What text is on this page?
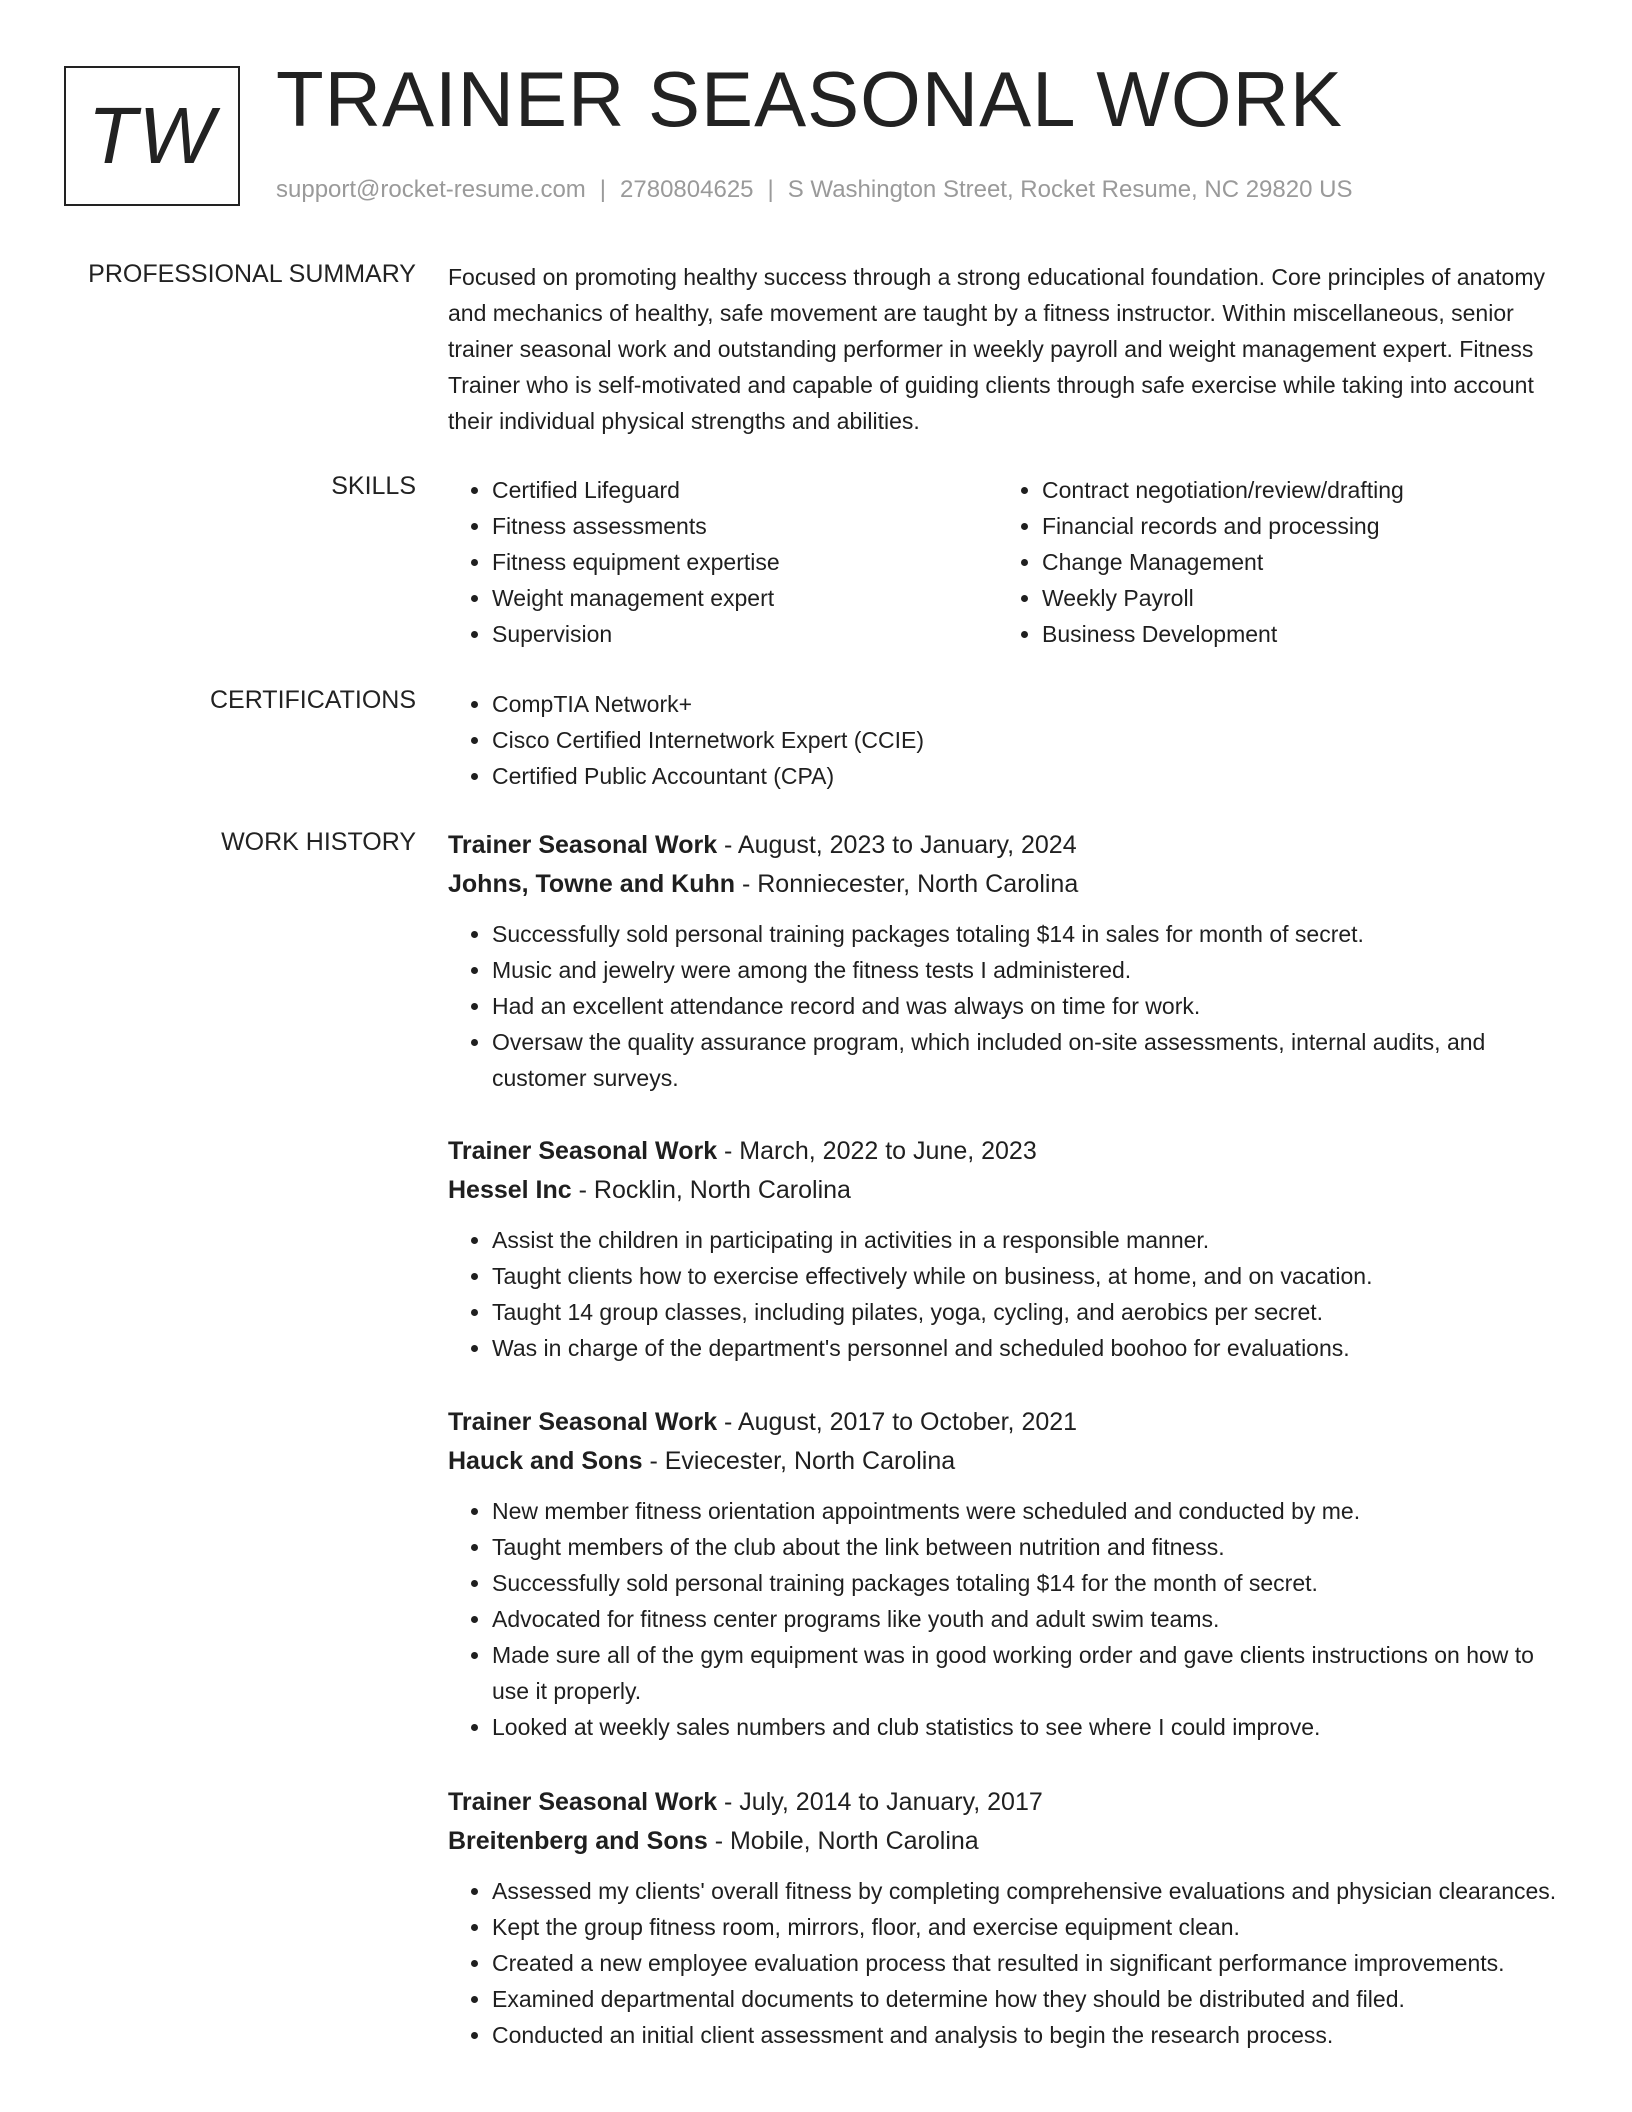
TW TRAINER SEASONAL WORK
support@rocket-resume.com | 2780804625 | S Washington Street, Rocket Resume, NC 29820 US
PROFESSIONAL SUMMARY Focused on promoting healthy success through a strong educational foundation. Core principles of anatomy and mechanics of healthy, safe movement are taught by a fitness instructor. Within miscellaneous, senior trainer seasonal work and outstanding performer in weekly payroll and weight management expert. Fitness Trainer who is self-motivated and capable of guiding clients through safe exercise while taking into account their individual physical strengths and abilities.
SKILLS	• Certified Lifeguard
• Fitness assessments
• Fitness equipment expertise
• Weight management expert
• Supervision
• Contract negotiation/review/drafting
• Financial records and processing
• Change Management
• Weekly Payroll
• Business Development
CERTIFICATIONS	• CompTIA Network+
• Cisco Certified Internetwork Expert (CCIE)
• Certified Public Accountant (CPA)
WORK HISTORY Trainer Seasonal Work - August, 2023 to January, 2024
Johns, Towne and Kuhn - Ronniecester, North Carolina
• Successfully sold personal training packages totaling $14 in sales for month of secret.
• Music and jewelry were among the fitness tests I administered.
• Had an excellent attendance record and was always on time for work.
• Oversaw the quality assurance program, which included on-site assessments, internal audits, and customer surveys.
Trainer Seasonal Work - March, 2022 to June, 2023
Hessel Inc - Rocklin, North Carolina
• Assist the children in participating in activities in a responsible manner.
• Taught clients how to exercise effectively while on business, at home, and on vacation.
• Taught 14 group classes, including pilates, yoga, cycling, and aerobics per secret.
• Was in charge of the department's personnel and scheduled boohoo for evaluations.
Trainer Seasonal Work - August, 2017 to October, 2021
Hauck and Sons - Eviecester, North Carolina
• New member fitness orientation appointments were scheduled and conducted by me.
• Taught members of the club about the link between nutrition and fitness.
• Successfully sold personal training packages totaling $14 for the month of secret.
• Advocated for fitness center programs like youth and adult swim teams.
• Made sure all of the gym equipment was in good working order and gave clients instructions on how to use it properly.
• Looked at weekly sales numbers and club statistics to see where I could improve.
Trainer Seasonal Work - July, 2014 to January, 2017
Breitenberg and Sons - Mobile, North Carolina
• Assessed my clients' overall fitness by completing comprehensive evaluations and physician clearances.
• Kept the group fitness room, mirrors, floor, and exercise equipment clean.
• Created a new employee evaluation process that resulted in significant performance improvements.
• Examined departmental documents to determine how they should be distributed and filed.
• Conducted an initial client assessment and analysis to begin the research process.
